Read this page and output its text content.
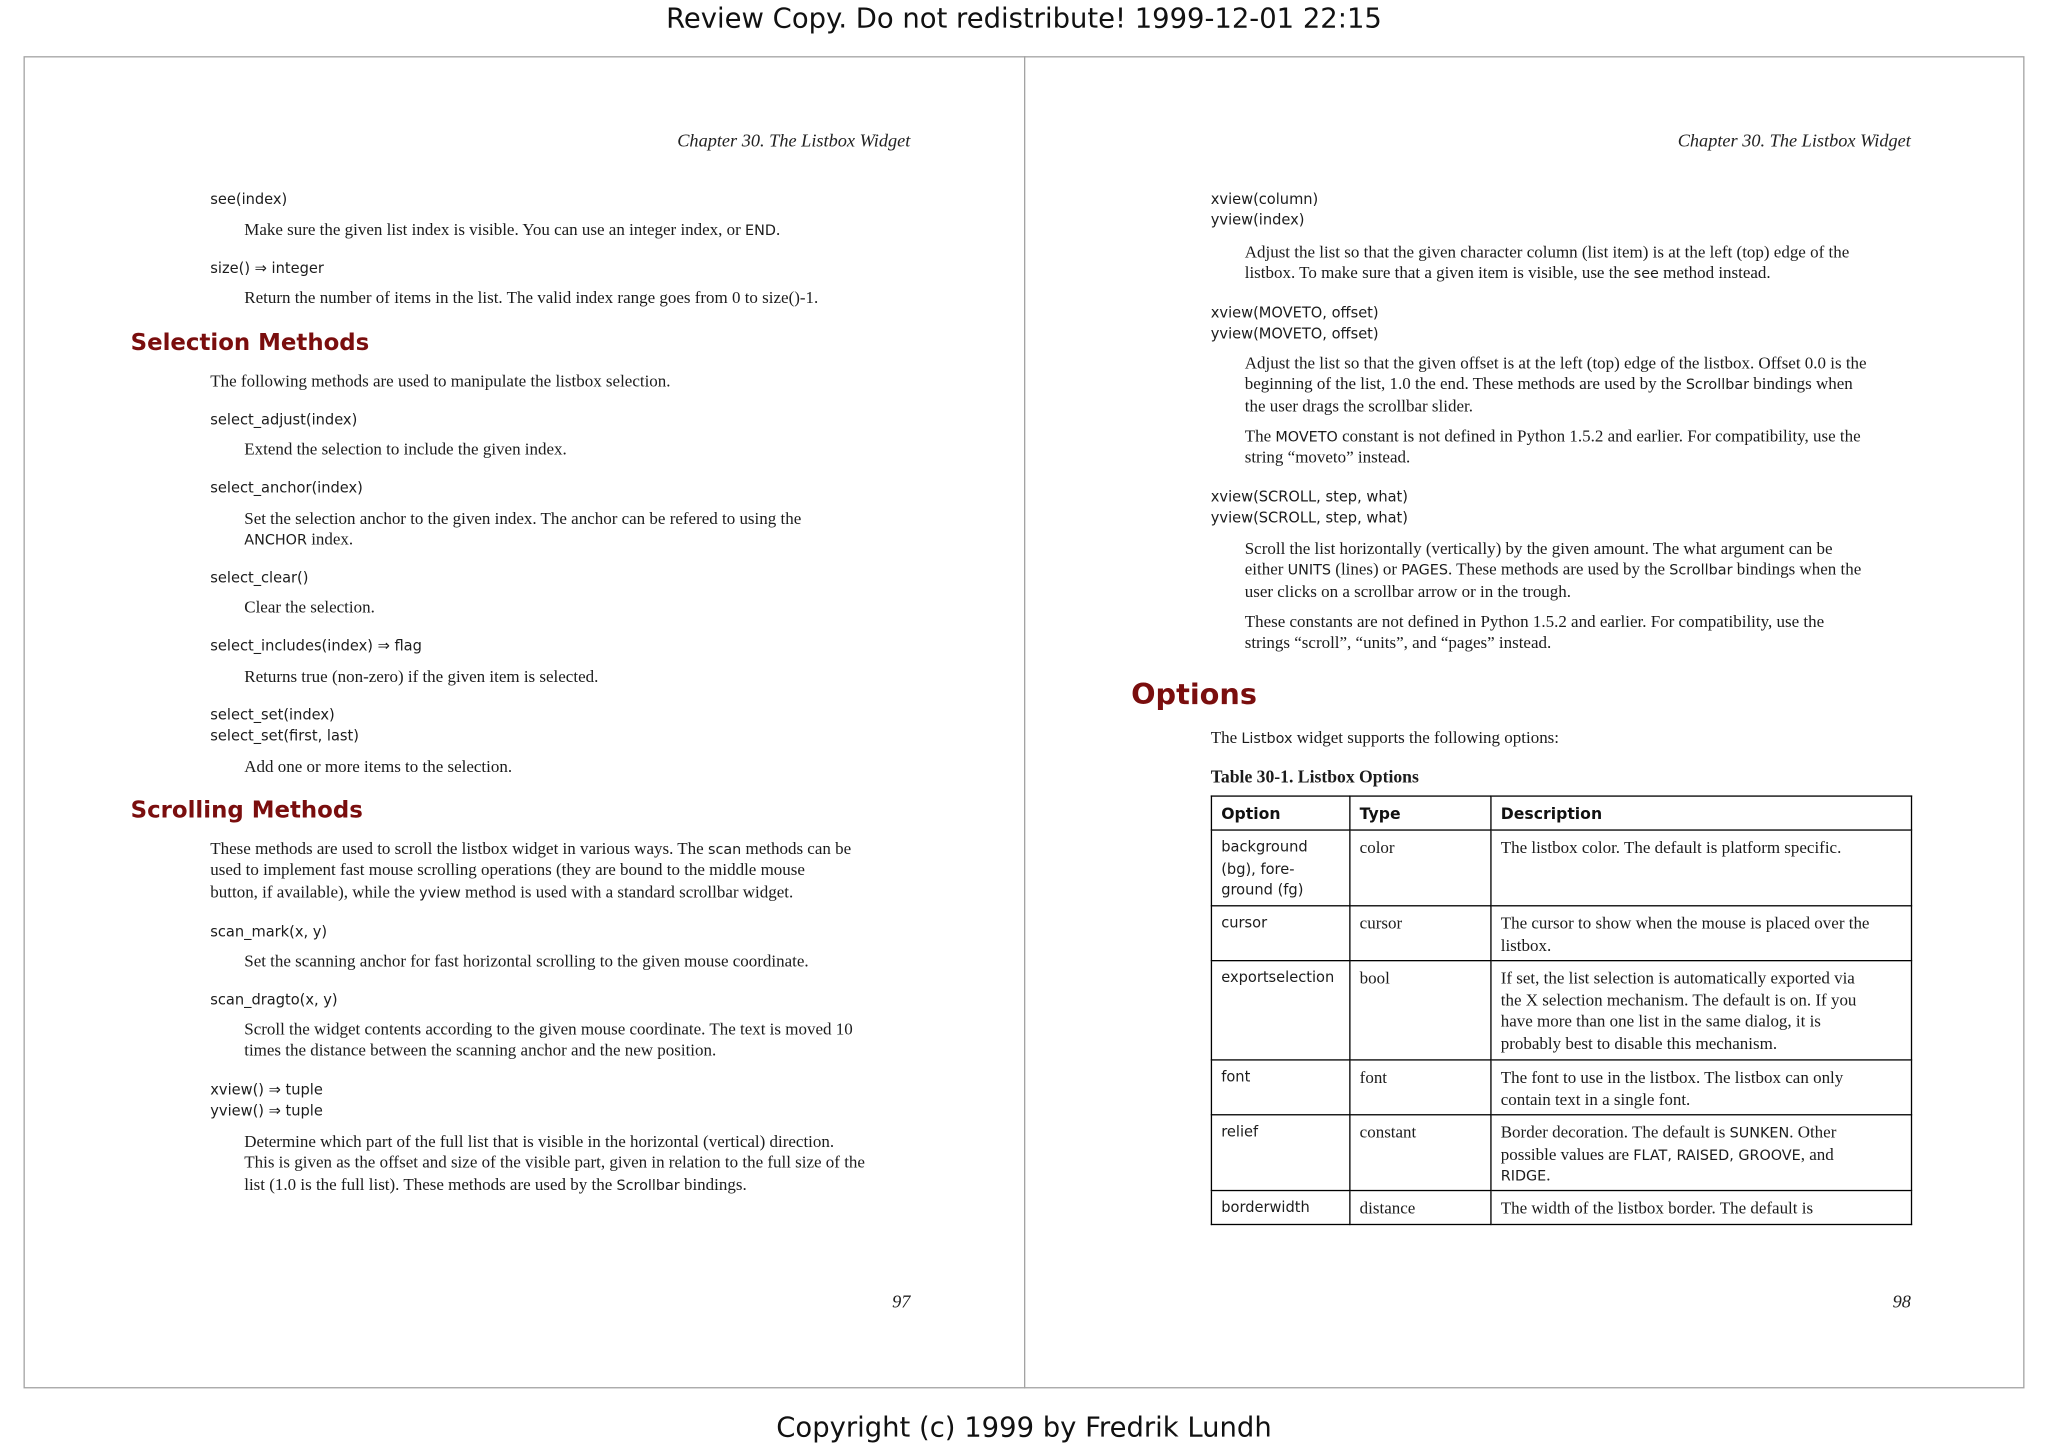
Review Copy. Do not redistribute! 1999-12-01 22:15
Chapter 30. The Listbox Widget
see(index)
Make sure the given list index is visible. You can use an integer index, or END.
size() ⇒ integer
Return the number of items in the list. The valid index range goes from 0 to size()-1.
Selection Methods
The following methods are used to manipulate the listbox selection.
select_adjust(index)
Extend the selection to include the given index.
select_anchor(index)
Set the selection anchor to the given index. The anchor can be refered to using the
ANCHOR index.
select_clear()
Clear the selection.
select_includes(index) ⇒ flag
Returns true (non-zero) if the given item is selected.
select_set(index)
select_set(first, last)
Add one or more items to the selection.
Scrolling Methods
These methods are used to scroll the listbox widget in various ways. The scan methods can be
used to implement fast mouse scrolling operations (they are bound to the middle mouse
button, if available), while the yview method is used with a standard scrollbar widget.
scan_mark(x, y)
Set the scanning anchor for fast horizontal scrolling to the given mouse coordinate.
scan_dragto(x, y)
Scroll the widget contents according to the given mouse coordinate. The text is moved 10
times the distance between the scanning anchor and the new position.
xview() ⇒ tuple
yview() ⇒ tuple
Determine which part of the full list that is visible in the horizontal (vertical) direction.
This is given as the offset and size of the visible part, given in relation to the full size of the
list (1.0 is the full list). These methods are used by the Scrollbar bindings.
97
Chapter 30. The Listbox Widget
xview(column)
yview(index)
Adjust the list so that the given character column (list item) is at the left (top) edge of the
listbox. To make sure that a given item is visible, use the see method instead.
xview(MOVETO, offset)
yview(MOVETO, offset)
Adjust the list so that the given offset is at the left (top) edge of the listbox. Offset 0.0 is the
beginning of the list, 1.0 the end. These methods are used by the Scrollbar bindings when
the user drags the scrollbar slider.
The MOVETO constant is not defined in Python 1.5.2 and earlier. For compatibility, use the
string “moveto” instead.
xview(SCROLL, step, what)
yview(SCROLL, step, what)
Scroll the list horizontally (vertically) by the given amount. The what argument can be
either UNITS (lines) or PAGES. These methods are used by the Scrollbar bindings when the
user clicks on a scrollbar arrow or in the trough.
These constants are not defined in Python 1.5.2 and earlier. For compatibility, use the
strings “scroll”, “units”, and “pages” instead.
Options
The Listbox widget supports the following options:
Table 30-1. Listbox Options
Option	Type	Description

background
(bg), fore-
ground (fg)	color	The listbox color. The default is platform specific.

cursor	cursor	The cursor to show when the mouse is placed over the
listbox.

exportselection	bool	If set, the list selection is automatically exported via
the X selection mechanism. The default is on. If you
have more than one list in the same dialog, it is
probably best to disable this mechanism.

font	font	The font to use in the listbox. The listbox can only
contain text in a single font.

relief	constant	Border decoration. The default is SUNKEN. Other
possible values are FLAT, RAISED, GROOVE, and
RIDGE.

borderwidth	distance	The width of the listbox border. The default is
98
Copyright (c) 1999 by Fredrik Lundh
